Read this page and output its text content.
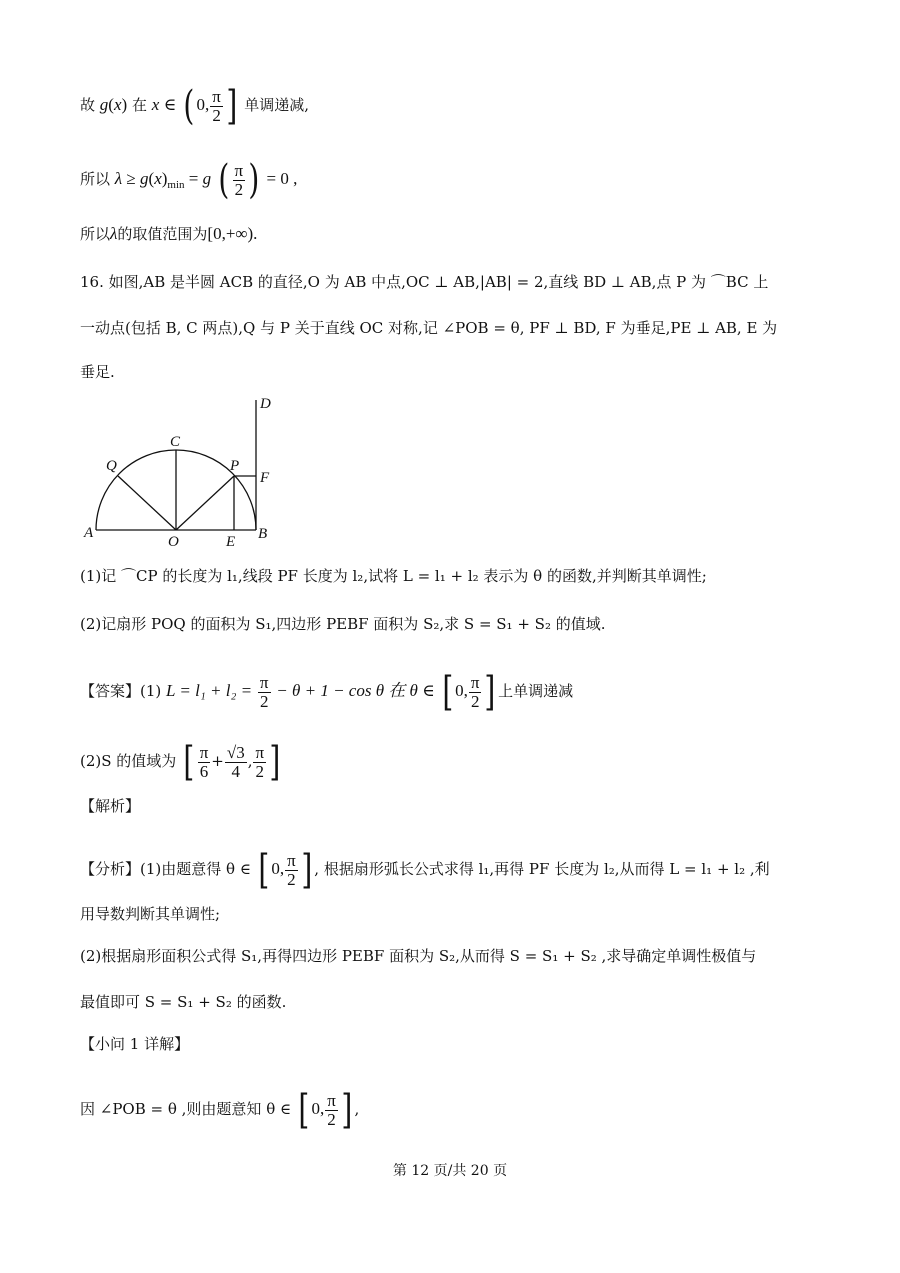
故 g(x) 在 x ∈ ( 0, $\frac{\pi}{2}$ ] 单调递减,
所以 $\lambda \ge g(x)_{min} = g$ ( $\frac{\pi}{2}$ ) = 0 ,
所以λ的取值范围为[0,+∞).
16. 如图,AB 是半圆 ACB 的直径,O 为 AB 中点,OC ⊥ AB,|AB| = 2,直线 BD ⊥ AB,点 P 为 ⌒BC 上
一动点(包括 B, C 两点),Q 与 P 关于直线 OC 对称,记 ∠POB = θ, PF ⊥ BD, F 为垂足,PE ⊥ AB, E 为
垂足.
A	B
C
D
E
F
O
P
Q
(1)记 ⌒CP 的长度为 l₁,线段 PF 长度为 l₂,试将 L = l₁ + l₂ 表示为 θ 的函数,并判断其单调性;
(2)记扇形 POQ 的面积为 S₁,四边形 PEBF 面积为 S₂,求 S = S₁ + S₂ 的值域.
【答案】(1) $L = l_1 + l_2 = \frac{\pi}{2} - \theta + 1 - \cos \theta$ 在 θ ∈ [ 0, $\frac{\pi}{2}$ ] 上单调递减
(2)S 的值域为 [ $\frac{\pi}{6} + \frac{√3}{4}$ , $\frac{\pi}{2}$ ]
【解析】
【分析】(1)由题意得 θ ∈ [ 0, $\frac{\pi}{2}$ ] , 根据扇形弧长公式求得 l₁,再得 PF 长度为 l₂,从而得 L = l₁ + l₂ ,利
用导数判断其单调性;
(2)根据扇形面积公式得 S₁,再得四边形 PEBF 面积为 S₂,从而得 S = S₁ + S₂ ,求导确定单调性极值与
最值即可 S = S₁ + S₂ 的函数.
【小问 1 详解】
因 ∠POB = θ ,则由题意知 θ ∈ [ 0, $\frac{\pi}{2}$ ] ,
第 12 页/共 20 页
